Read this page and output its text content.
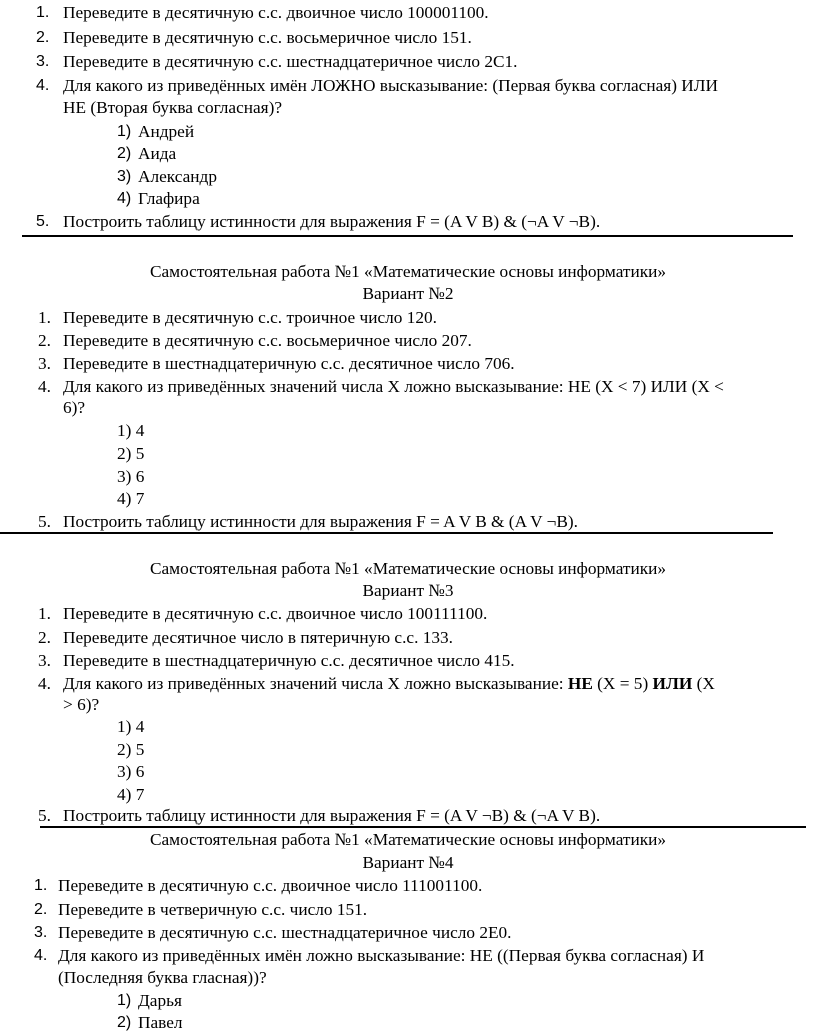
1. Переведите в десятичную с.с. двоичное число 100001100.
2. Переведите в десятичную с.с. восьмеричное число 151.
3. Переведите в десятичную с.с. шестнадцатеричное число 2С1.
4. Для какого из приведённых имён ЛОЖНО высказывание: (Первая буква согласная) ИЛИ
НЕ (Вторая буква согласная)?
1) Андрей
2) Аида
3) Александр
4) Глафира
5. Построить таблицу истинности для выражения F = (A V B) & (¬A V ¬B).
Самостоятельная работа №1 «Математические основы информатики»
Вариант №2
1. Переведите в десятичную с.с. троичное число 120.
2. Переведите в десятичную с.с. восьмеричное число 207.
3. Переведите в шестнадцатеричную с.с. десятичное число 706.
4. Для какого из приведённых значений числа X ложно высказывание: НЕ (X < 7) ИЛИ (X <
6)?
1) 4
2) 5
3) 6
4) 7
5. Построить таблицу истинности для выражения F = A V B & (A V ¬B).
Самостоятельная работа №1 «Математические основы информатики»
Вариант №3
1. Переведите в десятичную с.с. двоичное число 100111100.
2. Переведите десятичное число в пятеричную с.с. 133.
3. Переведите в шестнадцатеричную с.с. десятичное число 415.
4. Для какого из приведённых значений числа X ложно высказывание: НЕ (X = 5) ИЛИ (X
> 6)?
1) 4
2) 5
3) 6
4) 7
5. Построить таблицу истинности для выражения F = (A V ¬B) & (¬A V B).
Самостоятельная работа №1 «Математические основы информатики»
Вариант №4
1. Переведите в десятичную с.с. двоичное число 111001100.
2. Переведите в четверичную с.с. число 151.
3. Переведите в десятичную с.с. шестнадцатеричное число 2Е0.
4. Для какого из приведённых имён ложно высказывание: НЕ ((Первая буква согласная) И
(Последняя буква гласная))?
1) Дарья
2) Павел
